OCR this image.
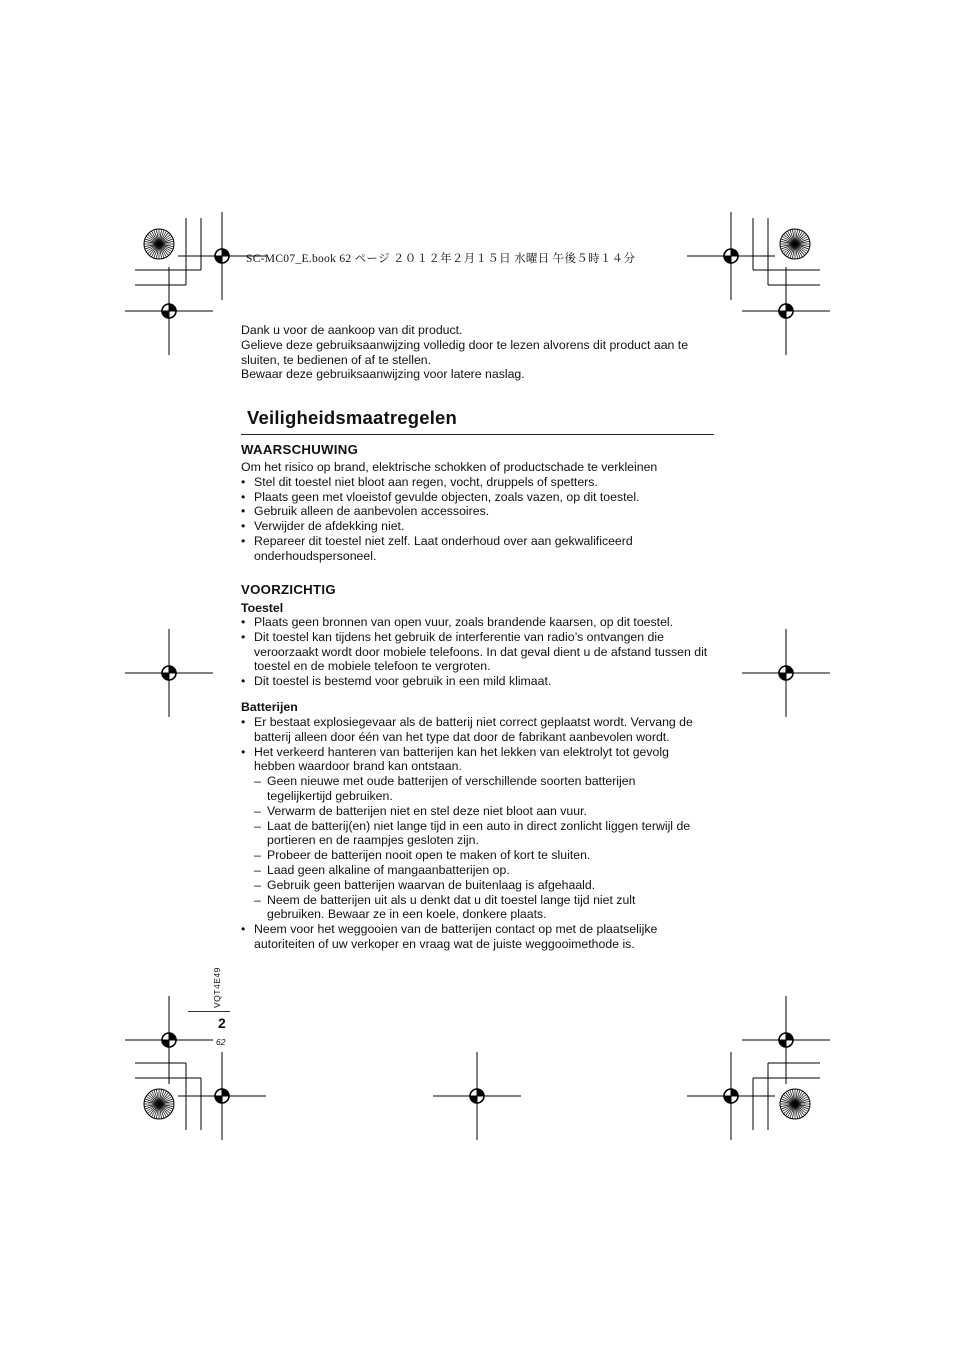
SC-MC07_E.book 62 ページ ２０１２年２月１５日 水曜日 午後５時１４分

Dank u voor de aankoop van dit product.

Gelieve deze gebruiksaanwijzing volledig door te lezen alvorens dit product aan te sluiten, te bedienen of af te stellen.

Bewaar deze gebruiksaanwijzing voor latere naslag.

Veiligheidsmaatregelen
WAARSCHUWING
Om het risico op brand, elektrische schokken of productschade te verkleinen
• Stel dit toestel niet bloot aan regen, vocht, druppels of spetters.
• Plaats geen met vloeistof gevulde objecten, zoals vazen, op dit toestel.
• Gebruik alleen de aanbevolen accessoires.
• Verwijder de afdekking niet.
• Repareer dit toestel niet zelf. Laat onderhoud over aan gekwalificeerd onderhoudspersoneel.
VOORZICHTIG
Toestel
• Plaats geen bronnen van open vuur, zoals brandende kaarsen, op dit toestel.
• Dit toestel kan tijdens het gebruik de interferentie van radio’s ontvangen die veroorzaakt wordt door mobiele telefoons. In dat geval dient u de afstand tussen dit toestel en de mobiele telefoon te vergroten.
• Dit toestel is bestemd voor gebruik in een mild klimaat.
Batterijen
• Er bestaat explosiegevaar als de batterij niet correct geplaatst wordt. Vervang de batterij alleen door één van het type dat door de fabrikant aanbevolen wordt.
• Het verkeerd hanteren van batterijen kan het lekken van elektrolyt tot gevolg hebben waardoor brand kan ontstaan.
– Geen nieuwe met oude batterijen of verschillende soorten batterijen tegelijkertijd gebruiken.
– Verwarm de batterijen niet en stel deze niet bloot aan vuur.
– Laat de batterij(en) niet lange tijd in een auto in direct zonlicht liggen terwijl de portieren en de raampjes gesloten zijn.
– Probeer de batterijen nooit open te maken of kort te sluiten.
– Laad geen alkaline of mangaanbatterijen op.
– Gebruik geen batterijen waarvan de buitenlaag is afgehaald.
– Neem de batterijen uit als u denkt dat u dit toestel lange tijd niet zult gebruiken. Bewaar ze in een koele, donkere plaats.
• Neem voor het weggooien van de batterijen contact op met de plaatselijke autoriteiten of uw verkoper en vraag wat de juiste weggooimethode is.
VQT4E49
2
62
